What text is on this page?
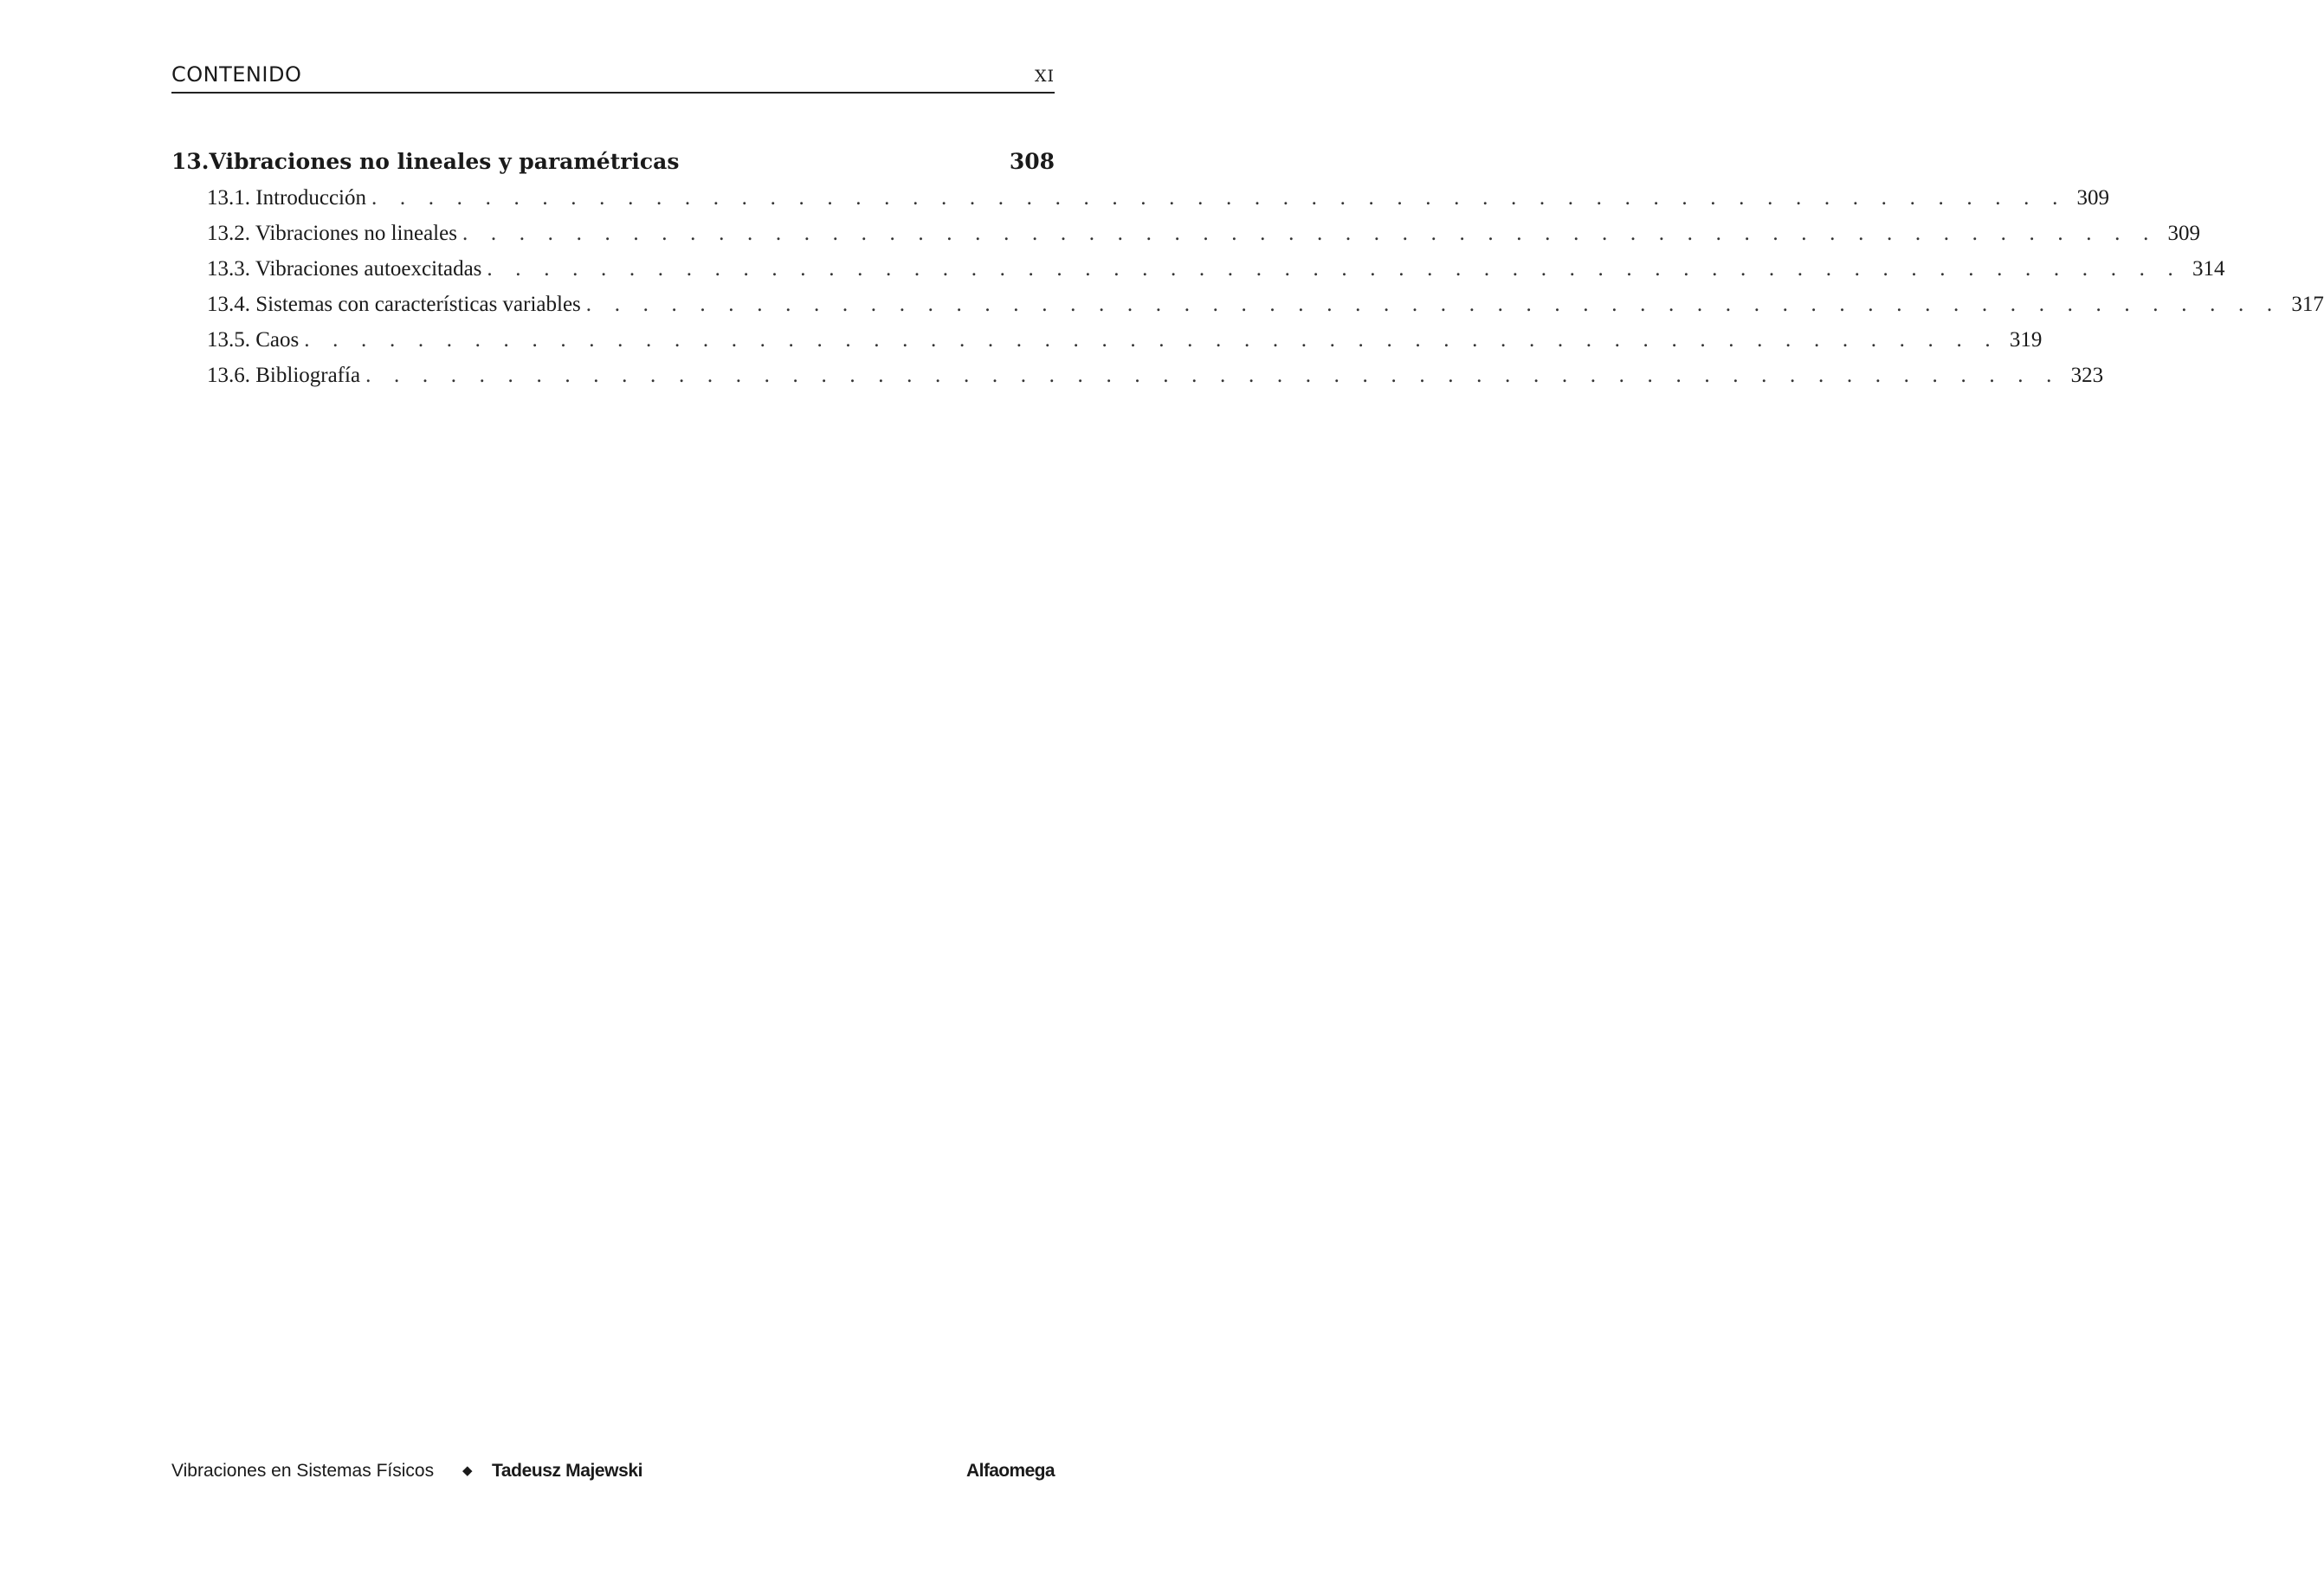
CONTENIDO	XI
13.Vibraciones no lineales y paramétricas	308
13.1. Introducción . . . . . . . . . . . . . . . . . . . . . . . . . . . . . . . . . . . . . . . . . . . . . . . . . . . . . . . . . . . . 309
13.2. Vibraciones no lineales . . . . . . . . . . . . . . . . . . . . . . . . . . . . . . . . . . . . . . . . . . . . . . . . . . . . . . . . . . . . 309
13.3. Vibraciones autoexcitadas . . . . . . . . . . . . . . . . . . . . . . . . . . . . . . . . . . . . . . . . . . . . . . . . . . . . . . . . . . . . 314
13.4. Sistemas con características variables . . . . . . . . . . . . . . . . . . . . . . . . . . . . . . . . . . . . . . . . . . . . . . . . . . . . . . . . . . . . 317
13.5. Caos . . . . . . . . . . . . . . . . . . . . . . . . . . . . . . . . . . . . . . . . . . . . . . . . . . . . . . . . . . . . 319
13.6. Bibliografía . . . . . . . . . . . . . . . . . . . . . . . . . . . . . . . . . . . . . . . . . . . . . . . . . . . . . . . . . . . . 323
Vibraciones en Sistemas Físicos ◆ Tadeusz Majewski	Alfaomega
